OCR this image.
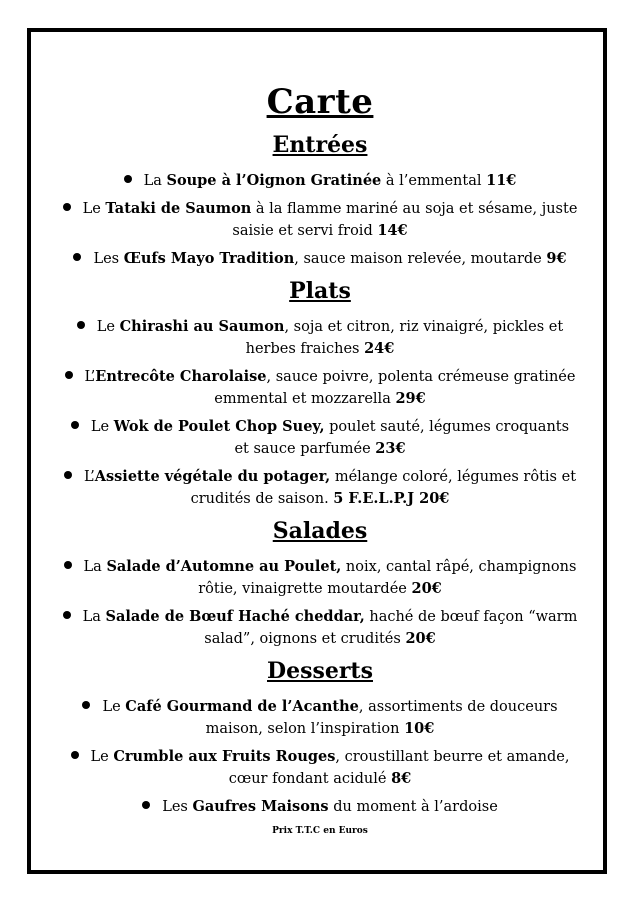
Carte
Entrées
La Soupe à l’Oignon Gratinée à l’emmental 11€
Le Tataki de Saumon à la flamme mariné au soja et sésame, juste saisie et servi froid 14€
Les Œufs Mayo Tradition, sauce maison relevée, moutarde 9€
Plats
Le Chirashi au Saumon, soja et citron, riz vinaigré, pickles et herbes fraiches 24€
L’Entrecôte Charolaise, sauce poivre, polenta crémeuse gratinée emmental et mozzarella 29€
Le Wok de Poulet Chop Suey, poulet sauté, légumes croquants et sauce parfumée 23€
L’Assiette végétale du potager, mélange coloré, légumes rôtis et crudités de saison. 5 F.E.L.P.J 20€
Salades
La Salade d’Automne au Poulet, noix, cantal râpé, champignons rôtie, vinaigrette moutardée 20€
La Salade de Bœuf Haché cheddar, haché de bœuf façon “warm salad”, oignons et crudités 20€
Desserts
Le Café Gourmand de l’Acanthe, assortiments de douceurs maison, selon l’inspiration 10€
Le Crumble aux Fruits Rouges, croustillant beurre et amande, cœur fondant acidulé 8€
Les Gaufres Maisons du moment à l’ardoise
Prix T.T.C en Euros
